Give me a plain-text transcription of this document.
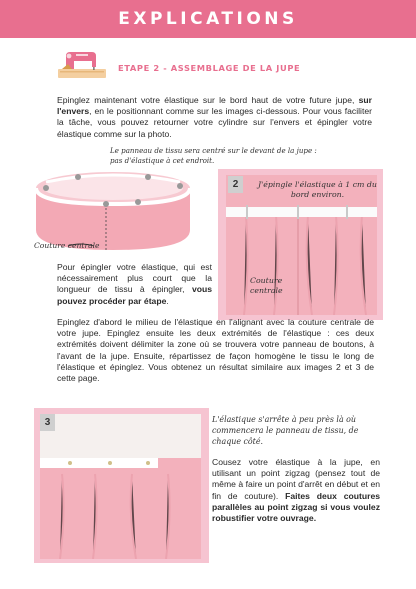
EXPLICATIONS
ETAPE 2 - ASSEMBLAGE DE LA JUPE
Epinglez maintenant votre élastique sur le bord haut de votre future jupe, sur l'envers, en le positionnant comme sur les images ci-dessous. Pour vous faciliter la tâche, vous pouvez retourner votre cylindre sur l'envers et épingler votre élastique comme sur la photo.
Le panneau de tissu sera centré sur le devant de la jupe : pas d'élastique à cet endroit.
Couture centrale
2	J'épingle l'élastique à 1 cm du bord environ.
Couture centrale
Pour épingler votre élastique, qui est nécessairement plus court que la longueur de tissu à épingler, vous pouvez procéder par étape.
Epinglez d'abord le milieu de l'élastique en l'alignant avec la couture centrale de votre jupe. Epinglez ensuite les deux extrémités de l'élastique : ces deux extrémités doivent délimiter la zone où se trouvera votre panneau de boutons, à l'avant de la jupe. Ensuite, répartissez de façon homogène le tissu le long de l'élastique et épinglez. Vous obtenez un résultat similaire aux images 2 et 3 de cette page.
3	L'élastique s'arrête à peu près là où commencera le panneau de tissu, de chaque côté.
Cousez votre élastique à la jupe, en utilisant un point zigzag (pensez tout de même à faire un point d'arrêt en début et en fin de couture). Faites deux coutures parallèles au point zigzag si vous voulez robustifier votre ouvrage.
